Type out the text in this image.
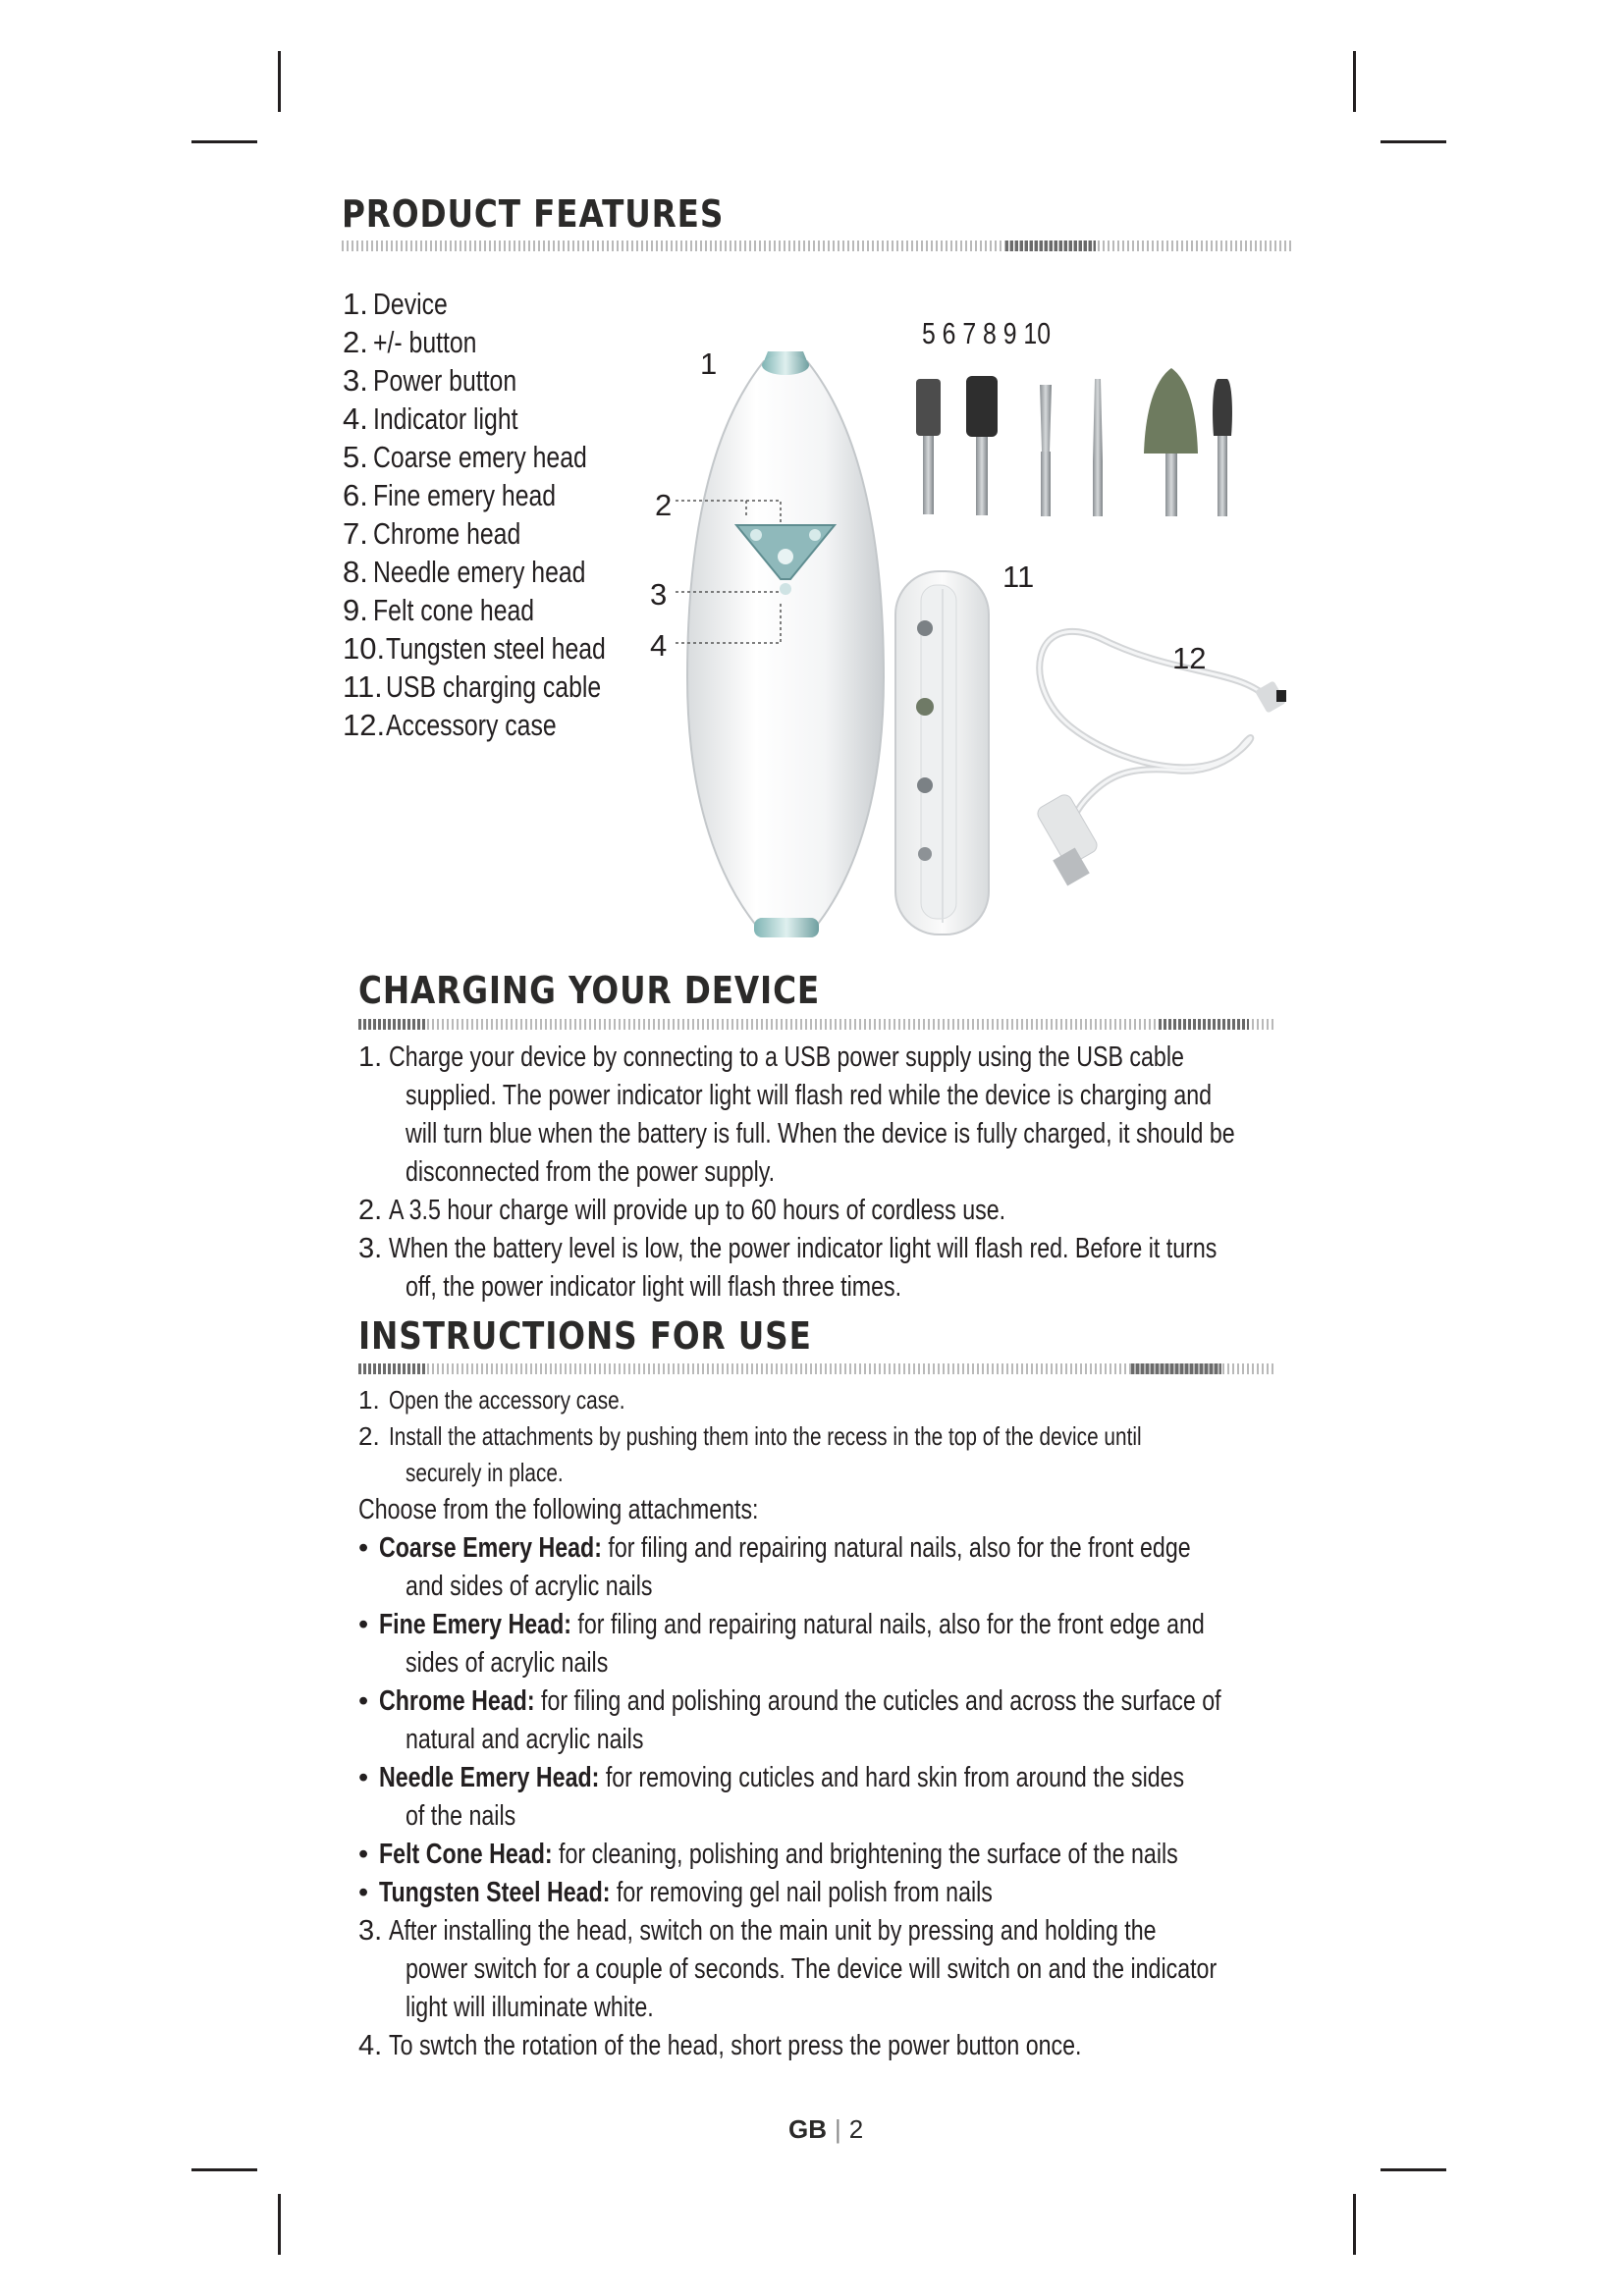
PRODUCT FEATURES
1. Device
2. +/- button
3. Power button
4. Indicator light
5. Coarse emery head
6. Fine emery head
7. Chrome head
8. Needle emery head
9. Felt cone head
10. Tungsten steel head
11. USB charging cable
12. Accessory case
1
2
3
4
5 6 7 8 9 10
11
12
CHARGING YOUR DEVICE
1. Charge your device by connecting to a USB power supply using the USB cable
supplied. The power indicator light will flash red while the device is charging and
will turn blue when the battery is full. When the device is fully charged, it should be
disconnected from the power supply.
2. A 3.5 hour charge will provide up to 60 hours of cordless use.
3. When the battery level is low, the power indicator light will flash red. Before it turns
off, the power indicator light will flash three times.
INSTRUCTIONS FOR USE
1. Open the accessory case.
2. Install the attachments by pushing them into the recess in the top of the device until
securely in place.
Choose from the following attachments:
• Coarse Emery Head: for filing and repairing natural nails, also for the front edge
and sides of acrylic nails
• Fine Emery Head: for filing and repairing natural nails, also for the front edge and
sides of acrylic nails
• Chrome Head: for filing and polishing around the cuticles and across the surface of
natural and acrylic nails
• Needle Emery Head: for removing cuticles and hard skin from around the sides
of the nails
• Felt Cone Head: for cleaning, polishing and brightening the surface of the nails
• Tungsten Steel Head: for removing gel nail polish from nails
3. After installing the head, switch on the main unit by pressing and holding the
power switch for a couple of seconds. The device will switch on and the indicator
light will illuminate white.
4. To swtch the rotation of the head, short press the power button once.
GB | 2
